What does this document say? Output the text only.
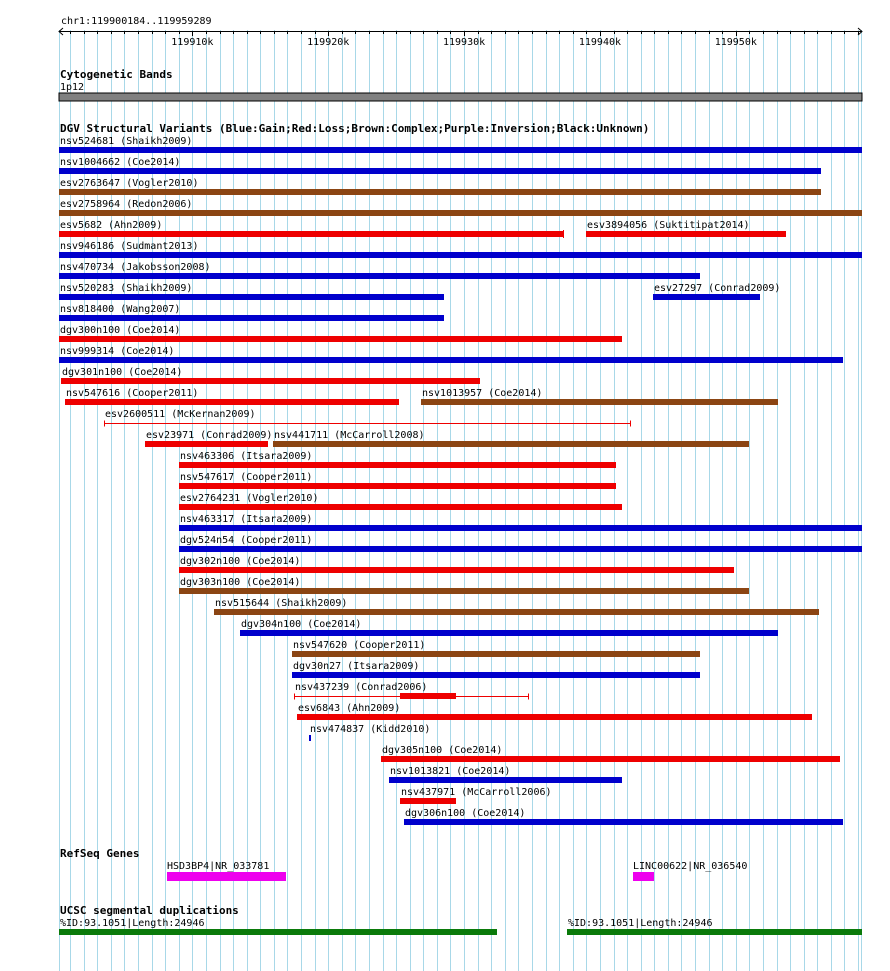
chr1:119900184..119959289
119910k	119920k	119930k	119940k	119950k
Cytogenetic Bands
1p12
DGV Structural Variants (Blue:Gain;Red:Loss;Brown:Complex;Purple:Inversion;Black:Unknown)
nsv524681 (Shaikh2009)
nsv1004662 (Coe2014)
esv2763647 (Vogler2010)
esv2758964 (Redon2006)
esv5682 (Ahn2009)	esv3894056 (Suktitipat2014)
nsv946186 (Sudmant2013)
nsv470734 (Jakobsson2008)
nsv520283 (Shaikh2009)	esv27297 (Conrad2009)
nsv818400 (Wang2007)
dgv300n100 (Coe2014)
nsv999314 (Coe2014)
dgv301n100 (Coe2014)
nsv547616 (Cooper2011)	nsv1013957 (Coe2014)
esv2600511 (McKernan2009)
esv23971 (Conrad2009) nsv441711 (McCarroll2008)
nsv463306 (Itsara2009)
nsv547617 (Cooper2011)
esv2764231 (Vogler2010)
nsv463317 (Itsara2009)
dgv524n54 (Cooper2011)
dgv302n100 (Coe2014)
dgv303n100 (Coe2014)
nsv515644 (Shaikh2009)
dgv304n100 (Coe2014)
nsv547620 (Cooper2011)
dgv30n27 (Itsara2009)
nsv437239 (Conrad2006)
esv6843 (Ahn2009)
nsv474837 (Kidd2010)
dgv305n100 (Coe2014)
nsv1013821 (Coe2014)
nsv437971 (McCarroll2006)
dgv306n100 (Coe2014)
RefSeq Genes
HSD3BP4|NR_033781	LINC00622|NR_036540
UCSC segmental duplications
%ID:93.1051|Length:24946	%ID:93.1051|Length:24946
